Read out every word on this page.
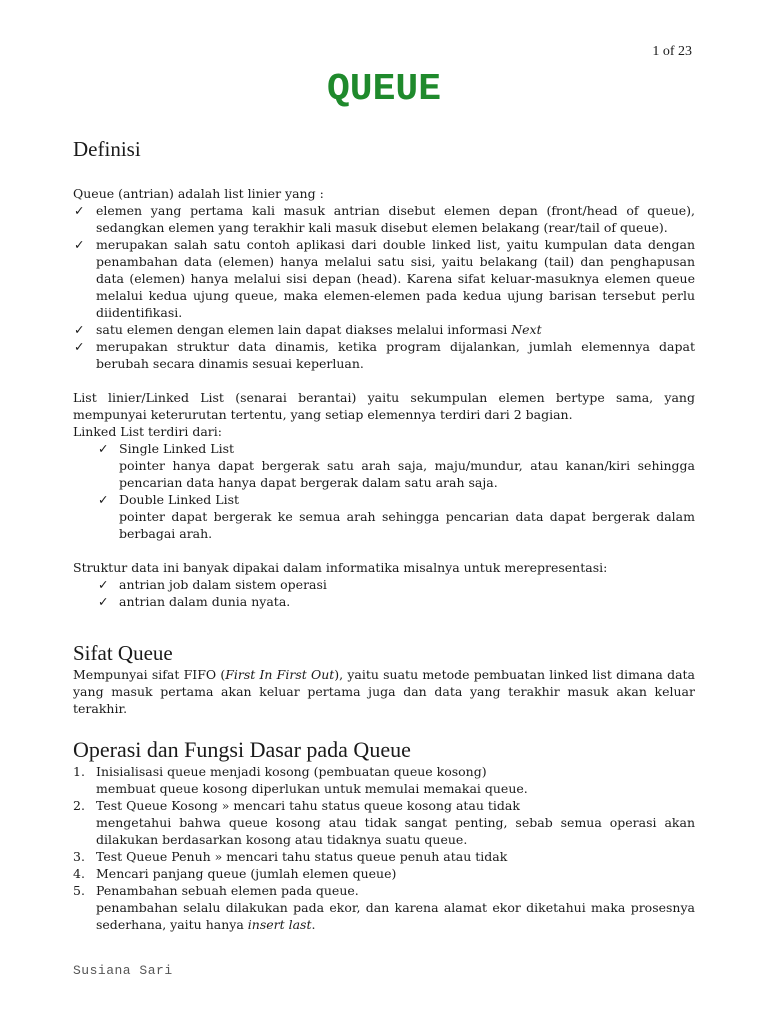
1 of 23
QUEUE
Definisi

Queue (antrian) adalah list linier yang :

✓ elemen yang pertama kali masuk antrian disebut elemen depan (front/head of queue), sedangkan elemen yang terakhir kali masuk disebut elemen belakang (rear/tail of queue).
✓ merupakan salah satu contoh aplikasi dari double linked list, yaitu kumpulan data dengan penambahan data (elemen) hanya melalui satu sisi, yaitu belakang (tail) dan penghapusan data (elemen) hanya melalui sisi depan (head). Karena sifat keluar-masuknya elemen queue melalui kedua ujung queue, maka elemen-elemen pada kedua ujung barisan tersebut perlu diidentifikasi.
✓ satu elemen dengan elemen lain dapat diakses melalui informasi Next
✓ merupakan struktur data dinamis, ketika program dijalankan, jumlah elemennya dapat berubah secara dinamis sesuai keperluan.

List linier/Linked List (senarai berantai) yaitu sekumpulan elemen bertype sama, yang mempunyai keterurutan tertentu, yang setiap elemennya terdiri dari 2 bagian.

Linked List terdiri dari:

✓ Single Linked List
pointer hanya dapat bergerak satu arah saja, maju/mundur, atau kanan/kiri sehingga pencarian data hanya dapat bergerak dalam satu arah saja.
✓ Double Linked List
pointer dapat bergerak ke semua arah sehingga pencarian data dapat bergerak dalam berbagai arah.

Struktur data ini banyak dipakai dalam informatika misalnya untuk merepresentasi:

✓ antrian job dalam sistem operasi
✓ antrian dalam dunia nyata.
Sifat Queue

Mempunyai sifat FIFO (First In First Out), yaitu suatu metode pembuatan linked list dimana data yang masuk pertama akan keluar pertama juga dan data yang terakhir masuk akan keluar terakhir.

Operasi dan Fungsi Dasar pada Queue
1. Inisialisasi queue menjadi kosong (pembuatan queue kosong)
membuat queue kosong diperlukan untuk memulai memakai queue.
2. Test Queue Kosong » mencari tahu status queue kosong atau tidak
mengetahui bahwa queue kosong atau tidak sangat penting, sebab semua operasi akan dilakukan berdasarkan kosong atau tidaknya suatu queue.
3. Test Queue Penuh » mencari tahu status queue penuh atau tidak
4. Mencari panjang queue (jumlah elemen queue)
5. Penambahan sebuah elemen pada queue.
penambahan selalu dilakukan pada ekor, dan karena alamat ekor diketahui maka prosesnya sederhana, yaitu hanya insert last.
Susiana Sari
